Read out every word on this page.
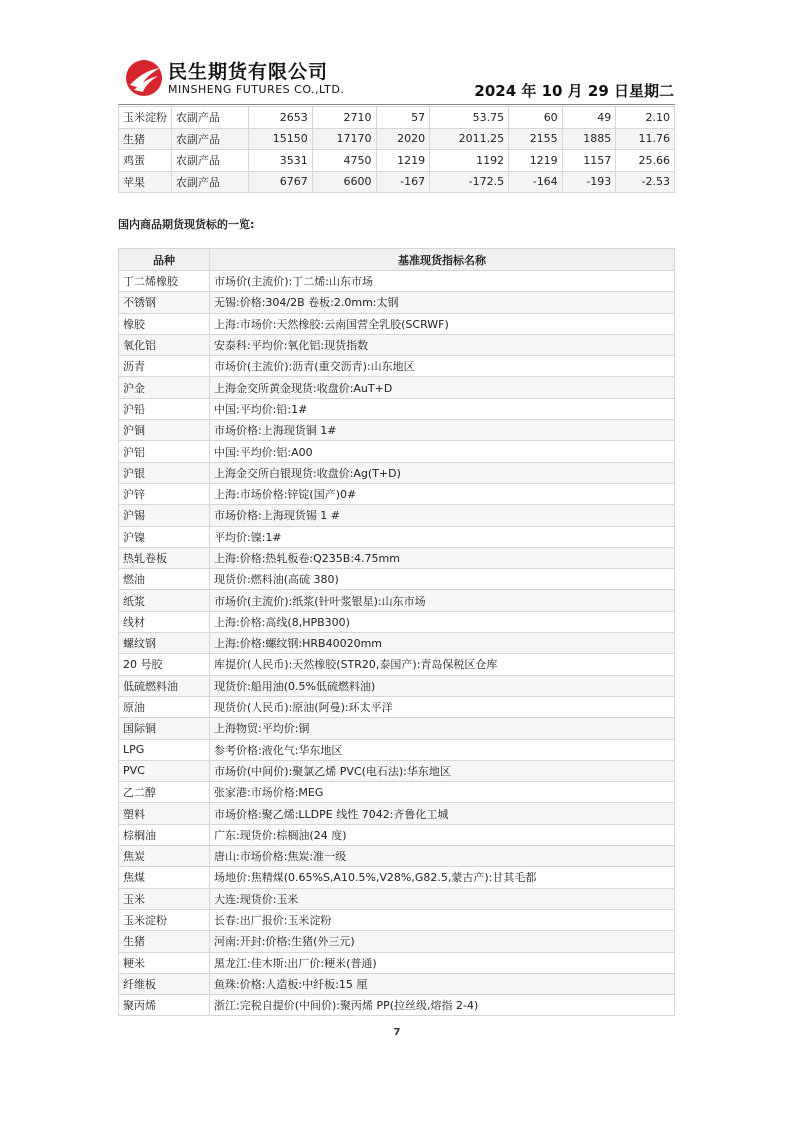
民生期货有限公司
MINSHENG FUTURES CO.,LTD.	2024 年 10 月 29 日星期二
玉米淀粉	农副产品	2653	2710	57	53.75	60	49	2.10
生猪	农副产品	15150	17170	2020	2011.25	2155	1885	11.76
鸡蛋	农副产品	3531	4750	1219	1192	1219	1157	25.66
苹果	农副产品	6767	6600	-167	-172.5	-164	-193	-2.53
国内商品期货现货标的一览:
品种	基准现货指标名称
丁二烯橡胶	市场价(主流价):丁二烯:山东市场
不锈钢	无锡:价格:304/2B 卷板:2.0mm:太钢
橡胶	上海:市场价:天然橡胶:云南国营全乳胶(SCRWF)
氧化铝	安泰科:平均价:氧化铝:现货指数
沥青	市场价(主流价):沥青(重交沥青):山东地区
沪金	上海金交所黄金现货:收盘价:AuT+D
沪铅	中国:平均价:铅:1#
沪铜	市场价格:上海现货铜 1#
沪铝	中国:平均价:铝:A00
沪银	上海金交所白银现货:收盘价:Ag(T+D)
沪锌	上海:市场价格:锌锭(国产)0#
沪锡	市场价格:上海现货锡 1 #
沪镍	平均价:镍:1#
热轧卷板	上海:价格:热轧板卷:Q235B:4.75mm
燃油	现货价:燃料油(高硫 380)
纸浆	市场价(主流价):纸浆(针叶浆银星):山东市场
线材	上海:价格:高线(8,HPB300)
螺纹钢	上海:价格:螺纹钢:HRB40020mm
20 号胶	库提价(人民币):天然橡胶(STR20,泰国产):青岛保税区仓库
低硫燃料油	现货价:船用油(0.5%低硫燃料油)
原油	现货价(人民币):原油(阿曼):环太平洋
国际铜	上海物贸:平均价:铜
LPG	参考价格:液化气:华东地区
PVC	市场价(中间价):聚氯乙烯 PVC(电石法):华东地区
乙二醇	张家港:市场价格:MEG
塑料	市场价格:聚乙烯:LLDPE 线性 7042:齐鲁化工城
棕榈油	广东:现货价:棕榈油(24 度)
焦炭	唐山:市场价格:焦炭:准一级
焦煤	场地价:焦精煤(0.65%S,A10.5%,V28%,G82.5,蒙古产):甘其毛都
玉米	大连:现货价:玉米
玉米淀粉	长春:出厂报价:玉米淀粉
生猪	河南:开封:价格:生猪(外三元)
粳米	黑龙江:佳木斯:出厂价:粳米(普通)
纤维板	鱼珠:价格:人造板:中纤板:15 厘
聚丙烯	浙江:完税自提价(中间价):聚丙烯 PP(拉丝级,熔指 2-4)
7
